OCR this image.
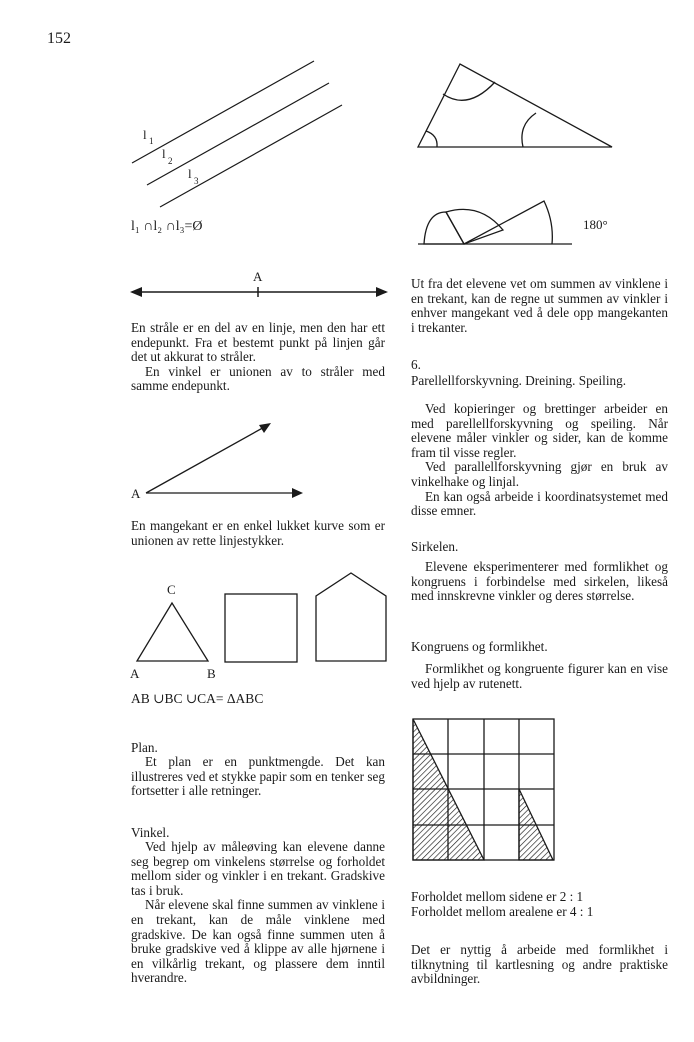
152
l 1
l 2
l 3
l₁ ∩l₂ ∩l₃=Ø
A

En stråle er en del av en linje, men den har ett endepunkt. Fra et bestemt punkt på linjen går det ut akkurat to stråler.

En vinkel er unionen av to stråler med samme endepunkt.

A

En mangekant er en enkel lukket kurve som er unionen av rette linjestykker.

C
A	B
AB ∪BC ∪CA= ΔABC
Plan.

Et plan er en punktmengde. Det kan illustreres ved et stykke papir som en tenker seg fortsetter i alle retninger.

Vinkel.

Ved hjelp av måleøving kan elevene danne seg begrep om vinkelens størrelse og forholdet mellom sider og vinkler i en trekant. Gradskive tas i bruk.

Når elevene skal finne summen av vinklene i en trekant, kan de måle vinklene med gradskive. De kan også finne summen uten å bruke gradskive ved å klippe av alle hjørnene i en vilkårlig trekant, og plassere dem inntil hverandre.

180°

Ut fra det elevene vet om summen av vinklene i en trekant, kan de regne ut summen av vinkler i enhver mangekant ved å dele opp mangekanten i trekanter.

6.
Parellellforskyvning. Dreining. Speiling.

Ved kopieringer og brettinger arbeider en med parellellforskyvning og speiling. Når elevene måler vinkler og sider, kan de komme fram til visse regler.

Ved parallellforskyvning gjør en bruk av vinkelhake og linjal.

En kan også arbeide i koordinatsystemet med disse emner.

Sirkelen.

Elevene eksperimenterer med formlikhet og kongruens i forbindelse med sirkelen, likeså med innskrevne vinkler og deres størrelse.

Kongruens og formlikhet.

Formlikhet og kongruente figurer kan en vise ved hjelp av rutenett.

Forholdet mellom sidene er 2 : 1
Forholdet mellom arealene er 4 : 1

Det er nyttig å arbeide med formlikhet i tilknytning til kartlesning og andre praktiske avbildninger.
